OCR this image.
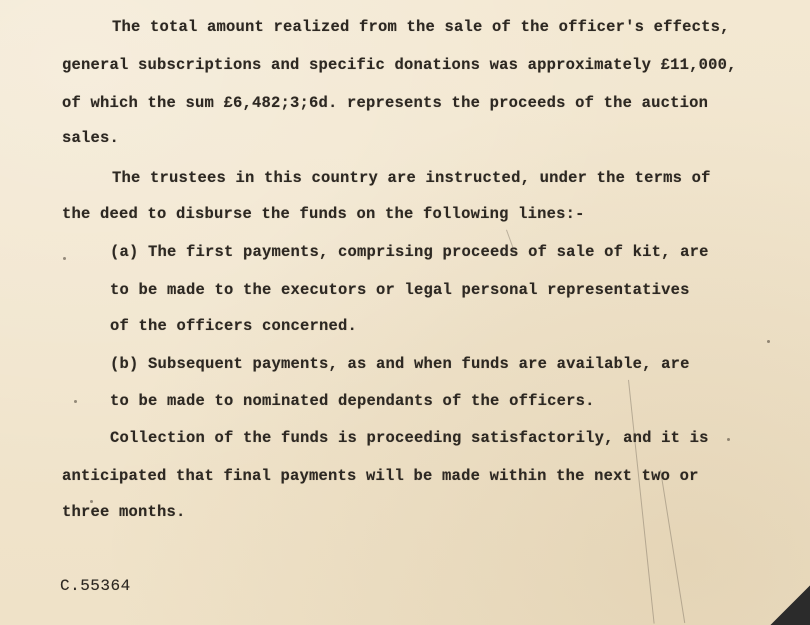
The total amount realized from the sale of the officer's effects,
general subscriptions and specific donations was approximately £11,000,
of which the sum £6,482;3;6d. represents the proceeds of the auction
sales.
The trustees in this country are instructed, under the terms of
the deed to disburse the funds on the following lines:-
(a) The first payments, comprising proceeds of sale of kit, are
to be made to the executors or legal personal representatives
of the officers concerned.
(b) Subsequent payments, as and when funds are available, are
to be made to nominated dependants of the officers.
Collection of the funds is proceeding satisfactorily, and it is
anticipated that final payments will be made within the next two or
three months.
C.55364
